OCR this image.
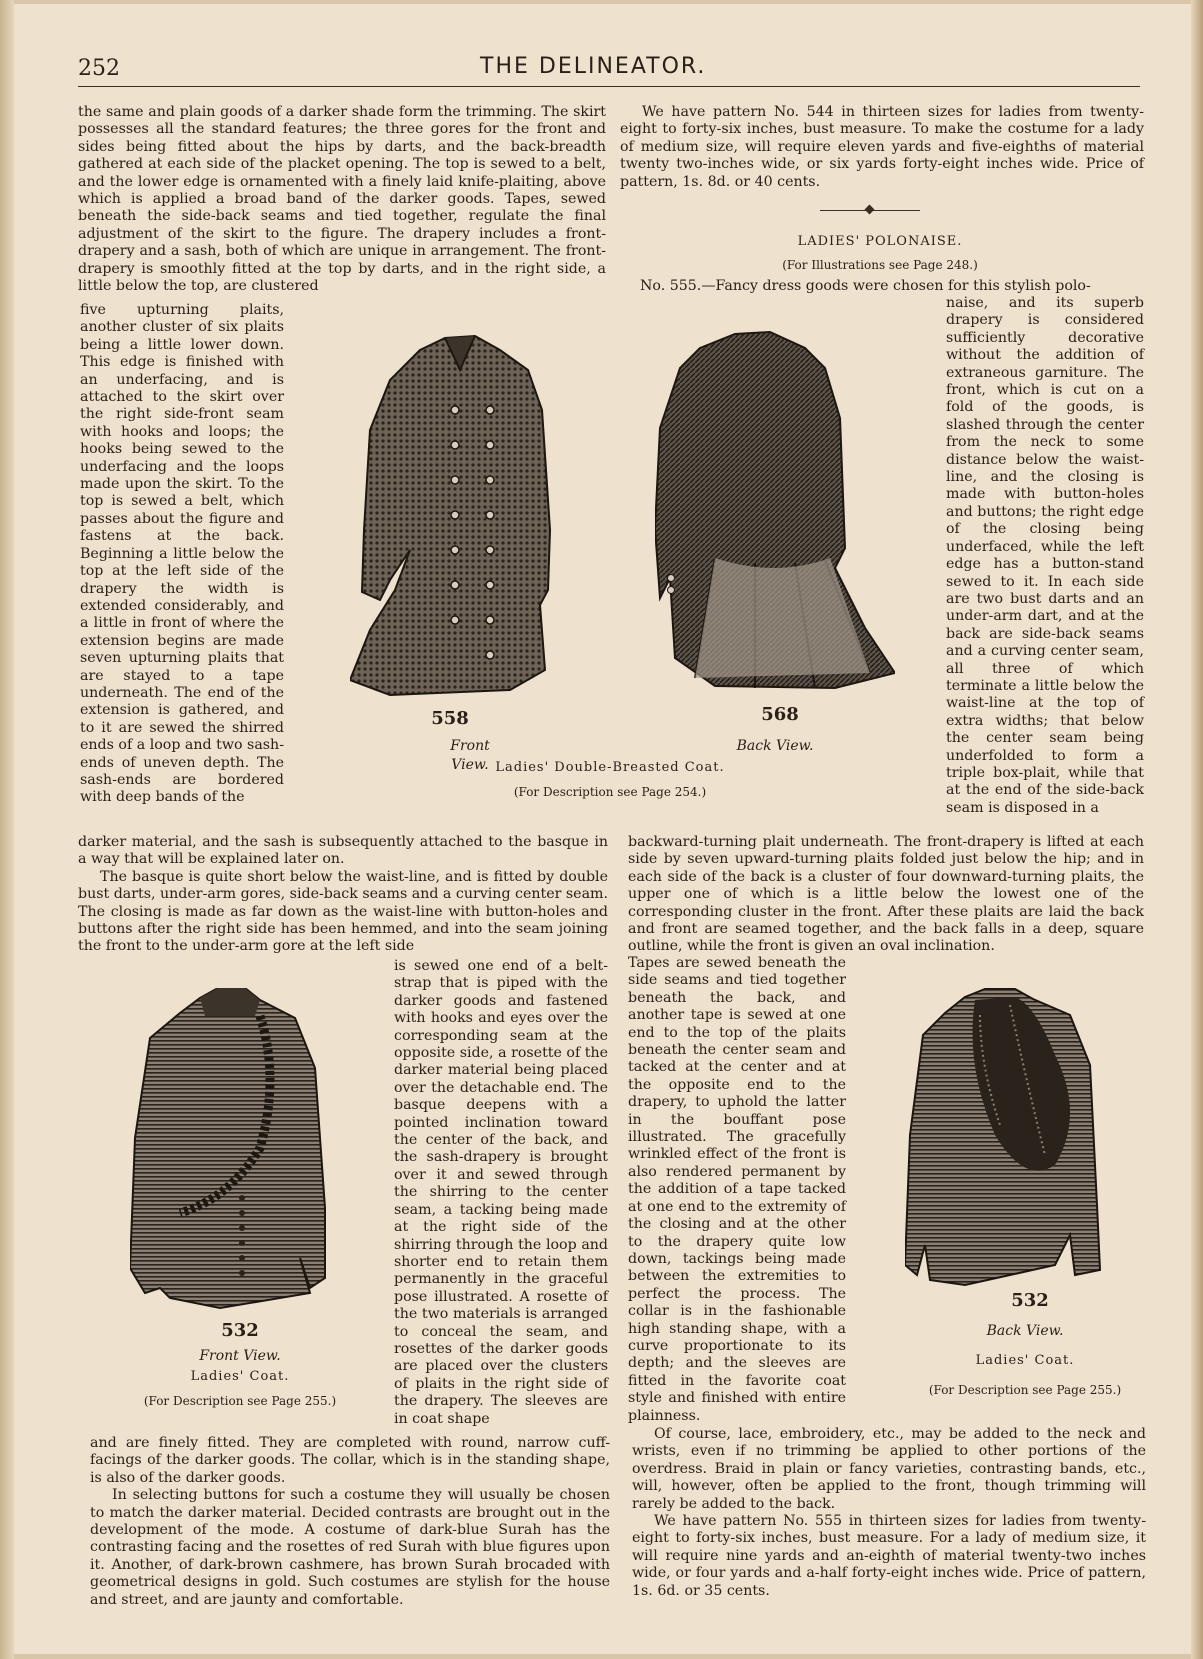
252	THE DELINEATOR.

the same and plain goods of a darker shade form the trimming. The skirt possesses all the standard features; the three gores for the front and sides being fitted about the hips by darts, and the back-breadth gathered at each side of the placket opening. The top is sewed to a belt, and the lower edge is ornamented with a finely laid knife-plaiting, above which is applied a broad band of the darker goods. Tapes, sewed beneath the side-back seams and tied together, regulate the final adjustment of the skirt to the figure. The drapery includes a front-drapery and a sash, both of which are unique in arrangement. The front-drapery is smoothly fitted at the top by darts, and in the right side, a little below the top, are clustered

five upturning plaits, another cluster of six plaits being a little lower down. This edge is finished with an underfacing, and is attached to the skirt over the right side-front seam with hooks and loops; the hooks being sewed to the underfacing and the loops made upon the skirt. To the top is sewed a belt, which passes about the figure and fastens at the back. Beginning a little below the top at the left side of the drapery the width is extended considerably, and a little in front of where the extension begins are made seven upturning plaits that are stayed to a tape underneath. The end of the extension is gathered, and to it are sewed the shirred ends of a loop and two sash-ends of uneven depth. The sash-ends are bordered with deep bands of the

558
Front View.
568
Back View.
Ladies' Double-Breasted Coat.
(For Description see Page 254.)

darker material, and the sash is subsequently attached to the basque in a way that will be explained later on.

The basque is quite short below the waist-line, and is fitted by double bust darts, under-arm gores, side-back seams and a curving center seam. The closing is made as far down as the waist-line with button-holes and buttons after the right side has been hemmed, and into the seam joining the front to the under-arm gore at the left side

532
Front View.
Ladies' Coat.
(For Description see Page 255.)

is sewed one end of a belt-strap that is piped with the darker goods and fastened with hooks and eyes over the corresponding seam at the opposite side, a rosette of the darker material being placed over the detachable end. The basque deepens with a pointed inclination toward the center of the back, and the sash-drapery is brought over it and sewed through the shirring to the center seam, a tacking being made at the right side of the shirring through the loop and shorter end to retain them permanently in the graceful pose illustrated. A rosette of the two materials is arranged to conceal the seam, and rosettes of the darker goods are placed over the clusters of plaits in the right side of the drapery. The sleeves are in coat shape

and are finely fitted. They are completed with round, narrow cuff-facings of the darker goods. The collar, which is in the standing shape, is also of the darker goods.

In selecting buttons for such a costume they will usually be chosen to match the darker material. Decided contrasts are brought out in the development of the mode. A costume of dark-blue Surah has the contrasting facing and the rosettes of red Surah with blue figures upon it. Another, of dark-brown cashmere, has brown Surah brocaded with geometrical designs in gold. Such costumes are stylish for the house and street, and are jaunty and comfortable.

We have pattern No. 544 in thirteen sizes for ladies from twenty-eight to forty-six inches, bust measure. To make the costume for a lady of medium size, will require eleven yards and five-eighths of material twenty two-inches wide, or six yards forty-eight inches wide. Price of pattern, 1s. 8d. or 40 cents.

LADIES' POLONAISE.
(For Illustrations see Page 248.)

No. 555.—Fancy dress goods were chosen for this stylish polo-

naise, and its superb drapery is considered sufficiently decorative without the addition of extraneous garniture. The front, which is cut on a fold of the goods, is slashed through the center from the neck to some distance below the waist-line, and the closing is made with button-holes and buttons; the right edge of the closing being underfaced, while the left edge has a button-stand sewed to it. In each side are two bust darts and an under-arm dart, and at the back are side-back seams and a curving center seam, all three of which terminate a little below the waist-line at the top of extra widths; that below the center seam being underfolded to form a triple box-plait, while that at the end of the side-back seam is disposed in a

backward-turning plait underneath. The front-drapery is lifted at each side by seven upward-turning plaits folded just below the hip; and in each side of the back is a cluster of four downward-turning plaits, the upper one of which is a little below the lowest one of the corresponding cluster in the front. After these plaits are laid the back and front are seamed together, and the back falls in a deep, square outline, while the front is given an oval inclination.

Tapes are sewed beneath the side seams and tied together beneath the back, and another tape is sewed at one end to the top of the plaits beneath the center seam and tacked at the center and at the opposite end to the drapery, to uphold the latter in the bouffant pose illustrated. The gracefully wrinkled effect of the front is also rendered permanent by the addition of a tape tacked at one end to the extremity of the closing and at the other to the drapery quite low down, tackings being made between the extremities to perfect the process. The collar is in the fashionable high standing shape, with a curve proportionate to its depth; and the sleeves are fitted in the favorite coat style and finished with entire plainness.

532
Back View.
Ladies' Coat.
(For Description see Page 255.)

Of course, lace, embroidery, etc., may be added to the neck and wrists, even if no trimming be applied to other portions of the overdress. Braid in plain or fancy varieties, contrasting bands, etc., will, however, often be applied to the front, though trimming will rarely be added to the back.

We have pattern No. 555 in thirteen sizes for ladies from twenty-eight to forty-six inches, bust measure. For a lady of medium size, it will require nine yards and an-eighth of material twenty-two inches wide, or four yards and a-half forty-eight inches wide. Price of pattern, 1s. 6d. or 35 cents.
